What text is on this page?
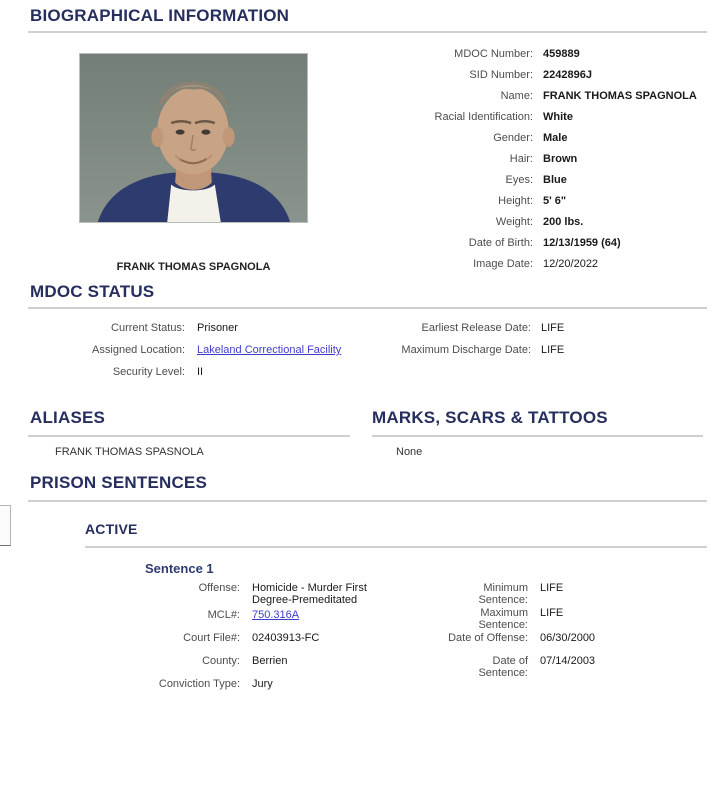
BIOGRAPHICAL INFORMATION
FRANK THOMAS SPAGNOLA
MDOC Number: 459889
SID Number: 2242896J
Name: FRANK THOMAS SPAGNOLA
Racial Identification: White
Gender: Male
Hair: Brown
Eyes: Blue
Height: 5' 6"
Weight: 200 lbs.
Date of Birth: 12/13/1959 (64)
Image Date: 12/20/2022
MDOC STATUS
Current Status: Prisoner
Assigned Location: Lakeland Correctional Facility
Security Level: II
Earliest Release Date: LIFE
Maximum Discharge Date: LIFE
ALIASES	MARKS, SCARS & TATTOOS
FRANK THOMAS SPASNOLA	None
PRISON SENTENCES
ACTIVE
Sentence 1
Offense: Homicide - Murder First Degree-Premeditated
MCL#: 750.316A
Court File#: 02403913-FC
County: Berrien
Conviction Type: Jury
Minimum Sentence:
LIFE
Maximum Sentence:
LIFE
Date of Offense: 06/30/2000
Date of Sentence:
07/14/2003
